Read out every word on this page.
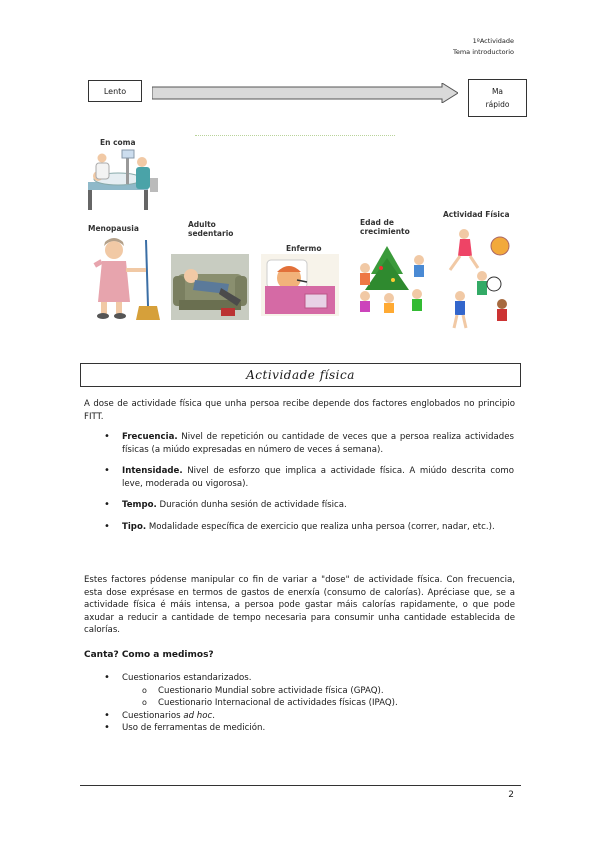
1ºActividade
Tema introductorio
Lento	Ma
rápido
En coma
Menopausia	Adulto
sedentario
Enfermo
Edad de
crecimiento
Actividad Física
Actividade física
A dose de actividade física que unha persoa recibe depende dos factores englobados no principio FITT.
• Frecuencia. Nivel de repetición ou cantidade de veces que a persoa realiza actividades físicas (a miúdo expresadas en número de veces á semana).
• Intensidade. Nivel de esforzo que implica a actividade física. A miúdo descrita como leve, moderada ou vigorosa).
• Tempo. Duración dunha sesión de actividade física.
• Tipo. Modalidade específica de exercicio que realiza unha persoa (correr, nadar, etc.).
Estes factores pódense manipular co fin de variar a "dose" de actividade física. Con frecuencia, esta dose exprésase en termos de gastos de enerxía (consumo de calorías). Apréciase que, se a actividade física é máis intensa, a persoa pode gastar máis calorías rapidamente, o que pode axudar a reducir a cantidade de tempo necesaria para consumir unha cantidade establecida de calorías.
Canta? Como a medimos?
• Cuestionarios estandarizados.
o Cuestionario Mundial sobre actividade física (GPAQ).
o Cuestionario Internacional de actividades físicas (IPAQ).
• Cuestionarios ad hoc.
• Uso de ferramentas de medición.
2
